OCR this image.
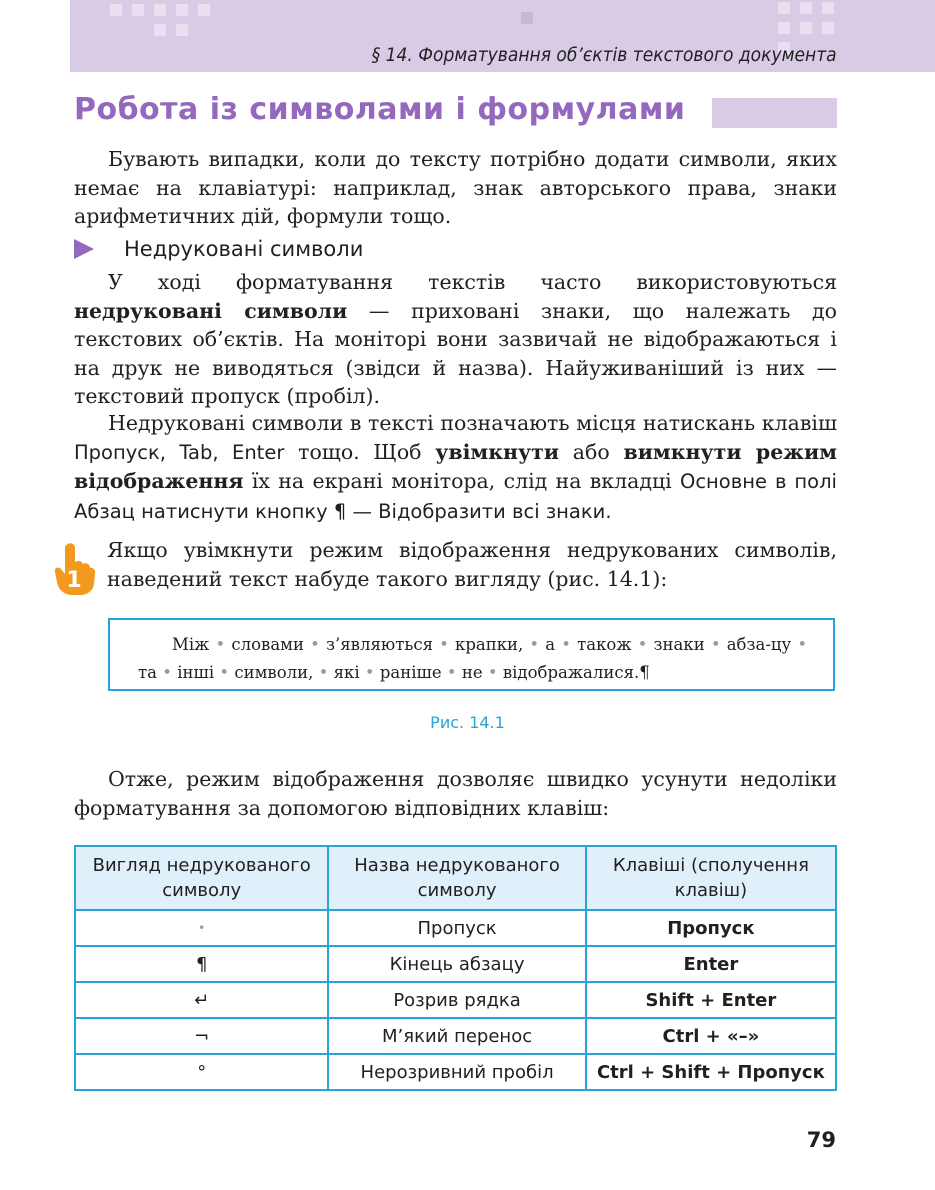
§ 14. Форматування об’єктів текстового документа
Робота із символами і формулами

Бувають випадки, коли до тексту потрібно додати символи, яких немає на клавіатурі: наприклад, знак авторського права, знаки арифметичних дій, формули тощо.

Недруковані символи

У ході форматування текстів часто використовуються недруковані символи — приховані знаки, що належать до текстових об’єктів. На моніторі вони зазвичай не відображаються і на друк не виводяться (звідси й назва). Найуживаніший із них — текстовий пропуск (пробіл).

Недруковані символи в тексті позначають місця натискань клавіш Пропуск, Tab, Enter тощо. Щоб увімкнути або вимкнути режим відображення їх на екрані монітора, слід на вкладці Основне в полі Абзац натиснути кнопку ¶ — Відобразити всі знаки.

1

Якщо увімкнути режим відображення недрукованих символів, наведений текст набуде такого вигляду (рис. 14.1):

Між • словами • з’являються • крапки, • а • також • знаки • абза-цу • та • інші • символи, • які • раніше • не • відображалися.¶

Рис. 14.1

Отже, режим відображення дозволяє швидко усунути недоліки форматування за допомогою відповідних клавіш:

Вигляд недрукованого символу	Назва недрукованого символу	Клавіші (сполучення клавіш)
•	Пропуск	Пропуск
¶	Кінець абзацу	Enter
↵	Розрив рядка	Shift + Enter
¬	М’який перенос	Ctrl + «–»
°	Нерозривний пробіл	Ctrl + Shift + Пропуск
79
